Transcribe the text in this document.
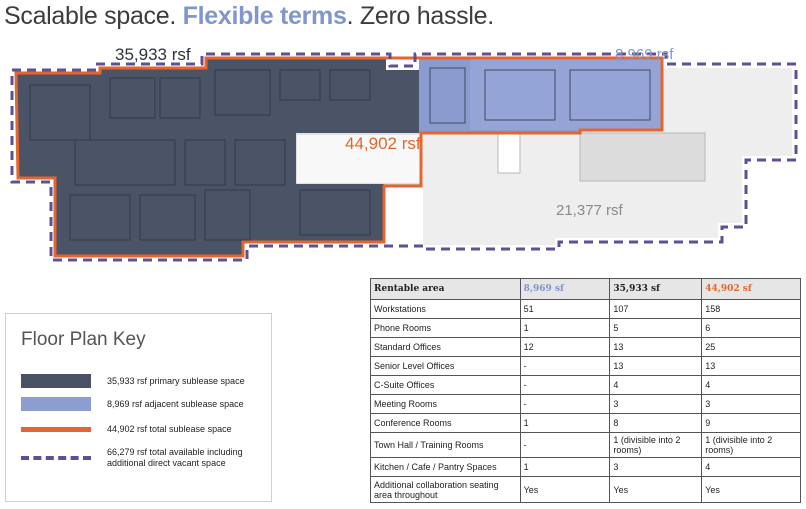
Scalable space. Flexible terms. Zero hassle.
35,933 rsf	8,969 rsf
44,902 rsf
21,377 rsf
Floor Plan Key
35,933 rsf primary sublease space
8,969 rsf adjacent sublease space
44,902 rsf total sublease space
66,279 rsf total available including additional direct vacant space
Rentable area	8,969 sf	35,933 sf	44,902 sf
Workstations	51	107	158
Phone Rooms	1	5	6
Standard Offices	12	13	25
Senior Level Offices	-	13	13
C-Suite Offices	-	4	4
Meeting Rooms	-	3	3
Conference Rooms	1	8	9
Town Hall / Training Rooms	-	1 (divisible into 2 rooms)	1 (divisible into 2 rooms)
Kitchen / Cafe / Pantry Spaces	1	3	4
Additional collaboration seating area throughout	Yes	Yes	Yes
